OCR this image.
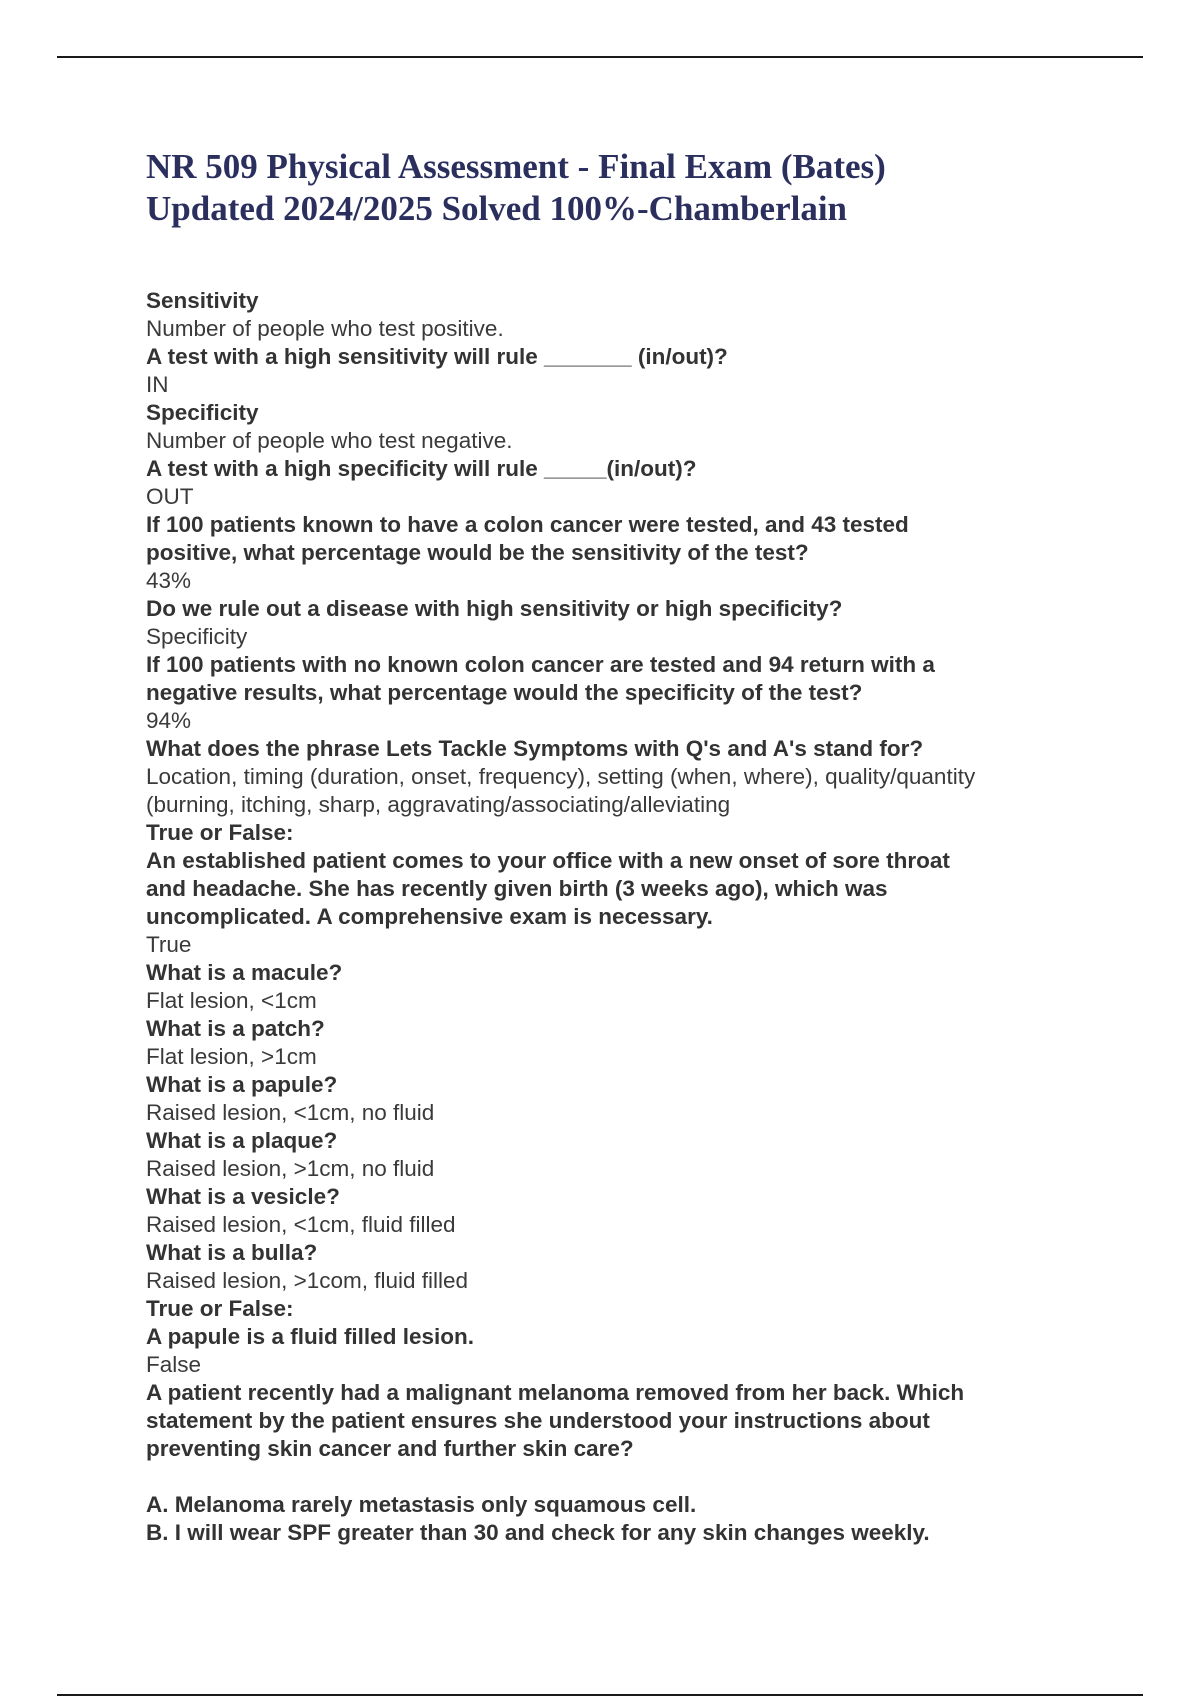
NR 509 Physical Assessment - Final Exam (Bates)
Updated 2024/2025 Solved 100%-Chamberlain
Sensitivity
Number of people who test positive.
A test with a high sensitivity will rule _______ (in/out)?
IN
Specificity
Number of people who test negative.
A test with a high specificity will rule _____(in/out)?
OUT
If 100 patients known to have a colon cancer were tested, and 43 tested
positive, what percentage would be the sensitivity of the test?
43%
Do we rule out a disease with high sensitivity or high specificity?
Specificity
If 100 patients with no known colon cancer are tested and 94 return with a
negative results, what percentage would the specificity of the test?
94%
What does the phrase Lets Tackle Symptoms with Q's and A's stand for?
Location, timing (duration, onset, frequency), setting (when, where), quality/quantity
(burning, itching, sharp, aggravating/associating/alleviating
True or False:
An established patient comes to your office with a new onset of sore throat
and headache. She has recently given birth (3 weeks ago), which was
uncomplicated. A comprehensive exam is necessary.
True
What is a macule?
Flat lesion, <1cm
What is a patch?
Flat lesion, >1cm
What is a papule?
Raised lesion, <1cm, no fluid
What is a plaque?
Raised lesion, >1cm, no fluid
What is a vesicle?
Raised lesion, <1cm, fluid filled
What is a bulla?
Raised lesion, >1com, fluid filled
True or False:
A papule is a fluid filled lesion.
False
A patient recently had a malignant melanoma removed from her back. Which
statement by the patient ensures she understood your instructions about
preventing skin cancer and further skin care?
A. Melanoma rarely metastasis only squamous cell.
B. I will wear SPF greater than 30 and check for any skin changes weekly.
